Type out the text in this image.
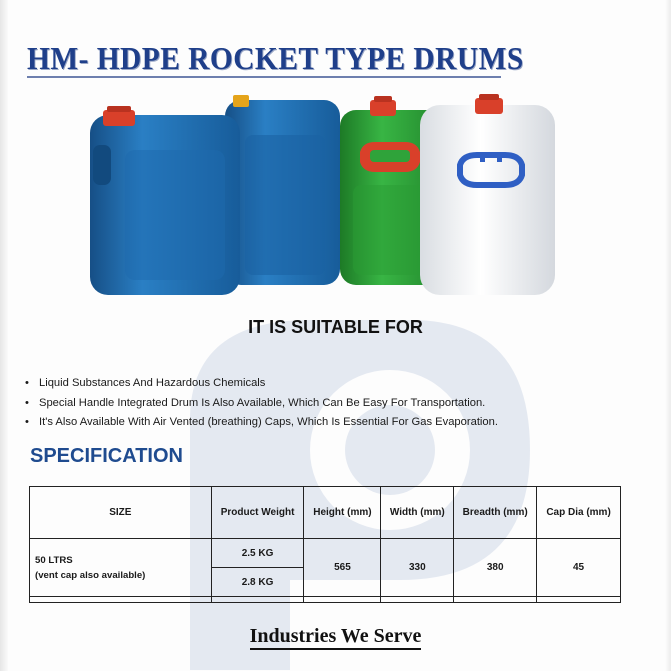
HM- HDPE ROCKET TYPE DRUMS
IT IS SUITABLE FOR
• Liquid Substances And Hazardous Chemicals
• Special Handle Integrated Drum Is Also Available, Which Can Be Easy For Transportation.
• It's Also Available With Air Vented (breathing) Caps, Which Is Essential For Gas Evaporation.
SPECIFICATION
SIZE	Product Weight	Height (mm)	Width (mm)	Breadth (mm)	Cap Dia (mm)

50 LTRS
(vent cap also available)	2.5 KG	565	330	380	45
	2.8 KG				

Industries We Serve
